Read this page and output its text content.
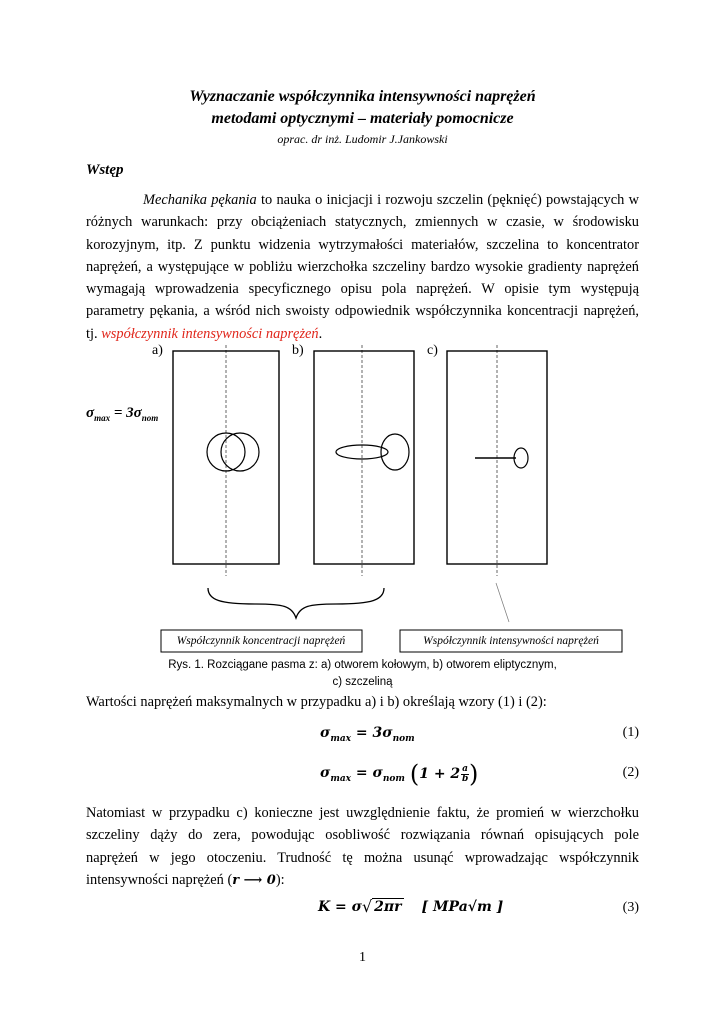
Wyznaczanie współczynnika intensywności naprężeń
metodami optycznymi – materiały pomocnicze
oprac. dr inż. Ludomir J.Jankowski
Wstęp
Mechanika pękania to nauka o inicjacji i rozwoju szczelin (pęknięć) powstających w
różnych warunkach: przy obciążeniach statycznych, zmiennych w czasie, w środowisku
korozyjnym, itp. Z punktu widzenia wytrzymałości materiałów, szczelina to koncentrator
naprężeń, a występujące w pobliżu wierzchołka szczeliny bardzo wysokie gradienty naprężeń
wymagają wprowadzenia specyficznego opisu pola naprężeń. W opisie tym występują
parametry pękania, a wśród nich swoisty odpowiednik współczynnika koncentracji naprężeń,
tj. współczynnik intensywności naprężeń.
a)	b)	c)
$\sigma_{max} = 3\sigma_{nom}$
Współczynnik koncentracji naprężeń	Współczynnik intensywności naprężeń
Rys. 1. Rozciągane pasma z: a) otworem kołowym, b) otworem eliptycznym,
c) szczeliną
Wartości naprężeń maksymalnych w przypadku a) i b) określają wzory (1) i (2):
$\sigma_{max} = 3\sigma_{nom}$	(1)
$\sigma_{max} = \sigma_{nom}$ ( 1 + 2 a
b )	(2)
Natomiast w przypadku c) konieczne jest uwzględnienie faktu, że promień w wierzchołku
szczeliny dąży do zera, powodując osobliwość rozwiązania równań opisujących pole
naprężeń w jego otoczeniu. Trudność tę można usunąć wprowadzając współczynnik
intensywności naprężeń (r ⟶ 0):
K = σ √ 2πr [ MPa√m ]	(3)
1
